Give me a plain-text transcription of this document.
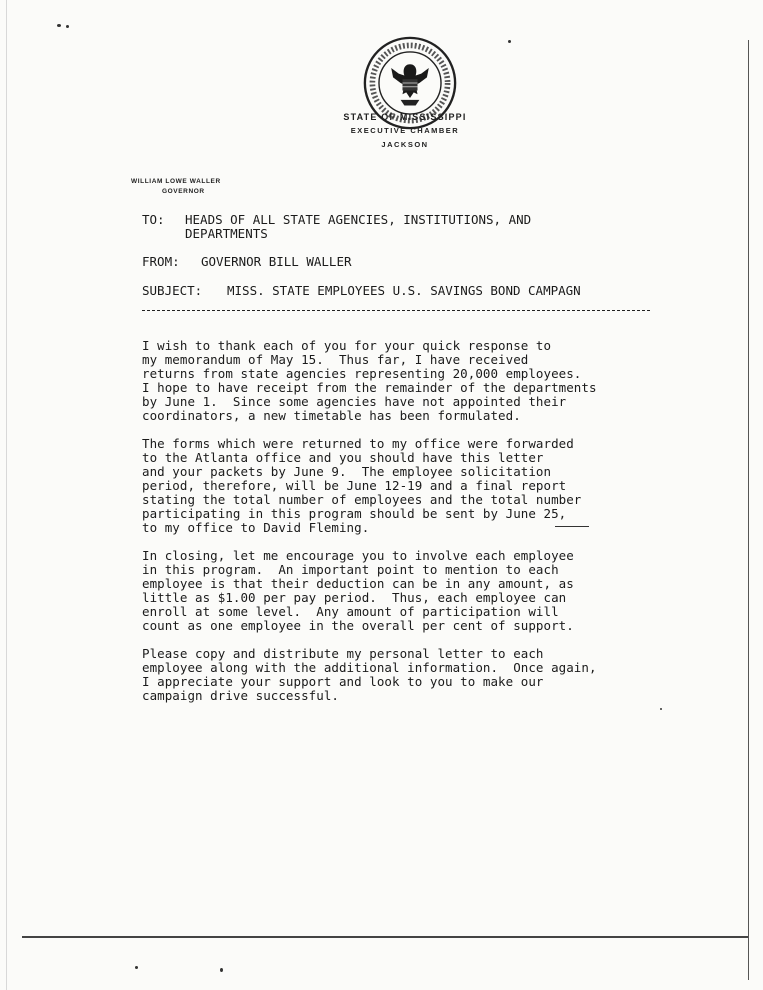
STATE OF MISSISSIPPI
EXECUTIVE CHAMBER
JACKSON
WILLIAM LOWE WALLER
GOVERNOR
TO: HEADS OF ALL STATE AGENCIES, INSTITUTIONS, AND
DEPARTMENTS
FROM: GOVERNOR BILL WALLER
SUBJECT: MISS. STATE EMPLOYEES U.S. SAVINGS BOND CAMPAGN
I wish to thank each of you for your quick response to
my memorandum of May 15.  Thus far, I have received
returns from state agencies representing 20,000 employees.
I hope to have receipt from the remainder of the departments
by June 1.  Since some agencies have not appointed their
coordinators, a new timetable has been formulated.
The forms which were returned to my office were forwarded
to the Atlanta office and you should have this letter
and your packets by June 9.  The employee solicitation
period, therefore, will be June 12-19 and a final report
stating the total number of employees and the total number
participating in this program should be sent by June 25,
to my office to David Fleming.
In closing, let me encourage you to involve each employee
in this program.  An important point to mention to each
employee is that their deduction can be in any amount, as
little as $1.00 per pay period.  Thus, each employee can
enroll at some level.  Any amount of participation will
count as one employee in the overall per cent of support.
Please copy and distribute my personal letter to each
employee along with the additional information.  Once again,
I appreciate your support and look to you to make our
campaign drive successful.
